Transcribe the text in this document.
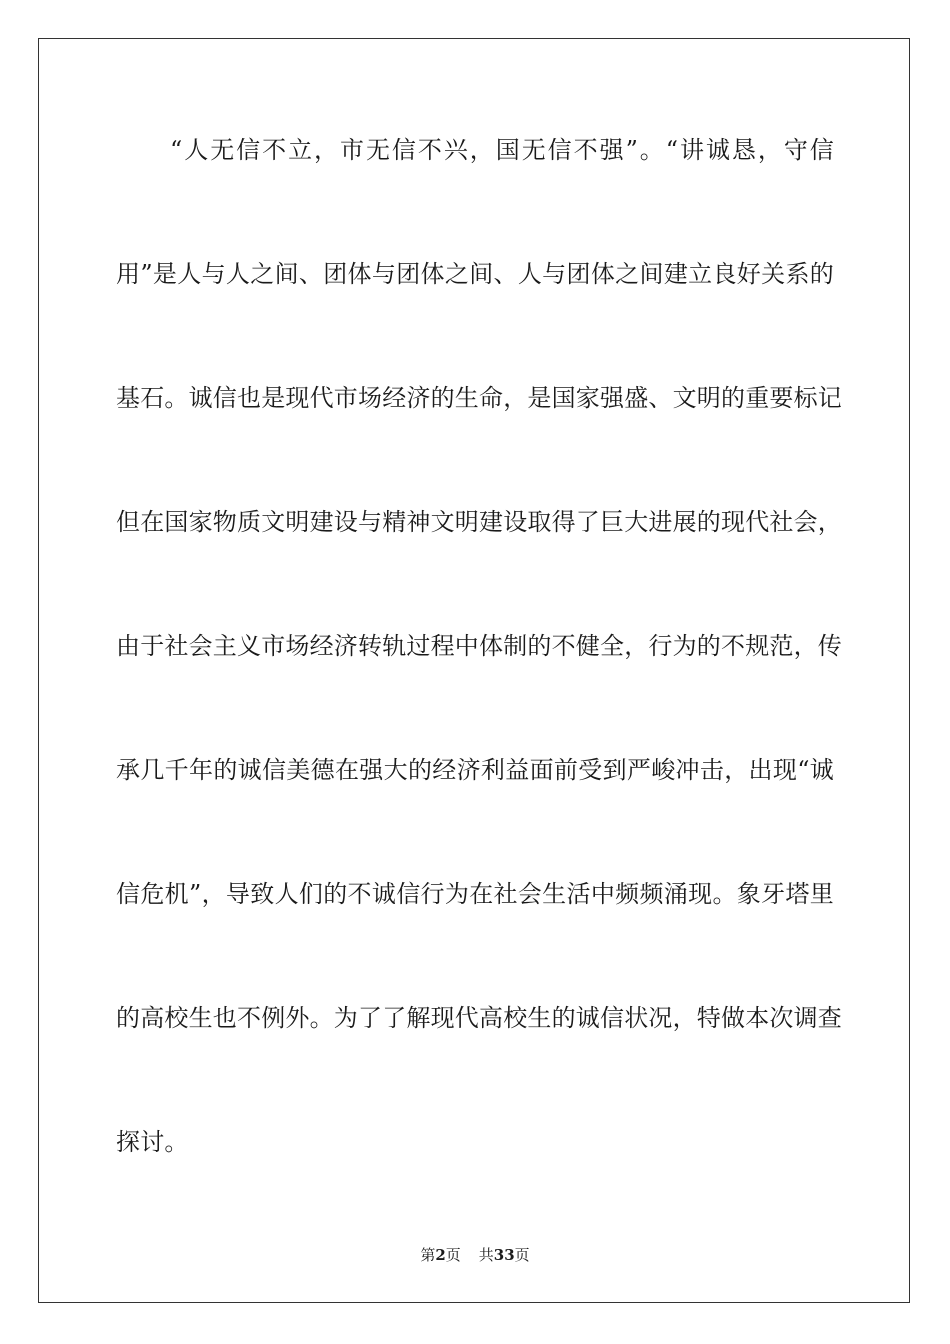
“人无信不立，市无信不兴，国无信不强”。“讲诚恳，守信
用”是人与人之间、团体与团体之间、人与团体之间建立良好关系的
基石。诚信也是现代市场经济的生命，是国家强盛、文明的重要标记
但在国家物质文明建设与精神文明建设取得了巨大进展的现代社会，
由于社会主义市场经济转轨过程中体制的不健全，行为的不规范，传
承几千年的诚信美德在强大的经济利益面前受到严峻冲击，出现“诚
信危机”，导致人们的不诚信行为在社会生活中频频涌现。象牙塔里
的高校生也不例外。为了了解现代高校生的诚信状况，特做本次调查
探讨。
第2页 共33页
